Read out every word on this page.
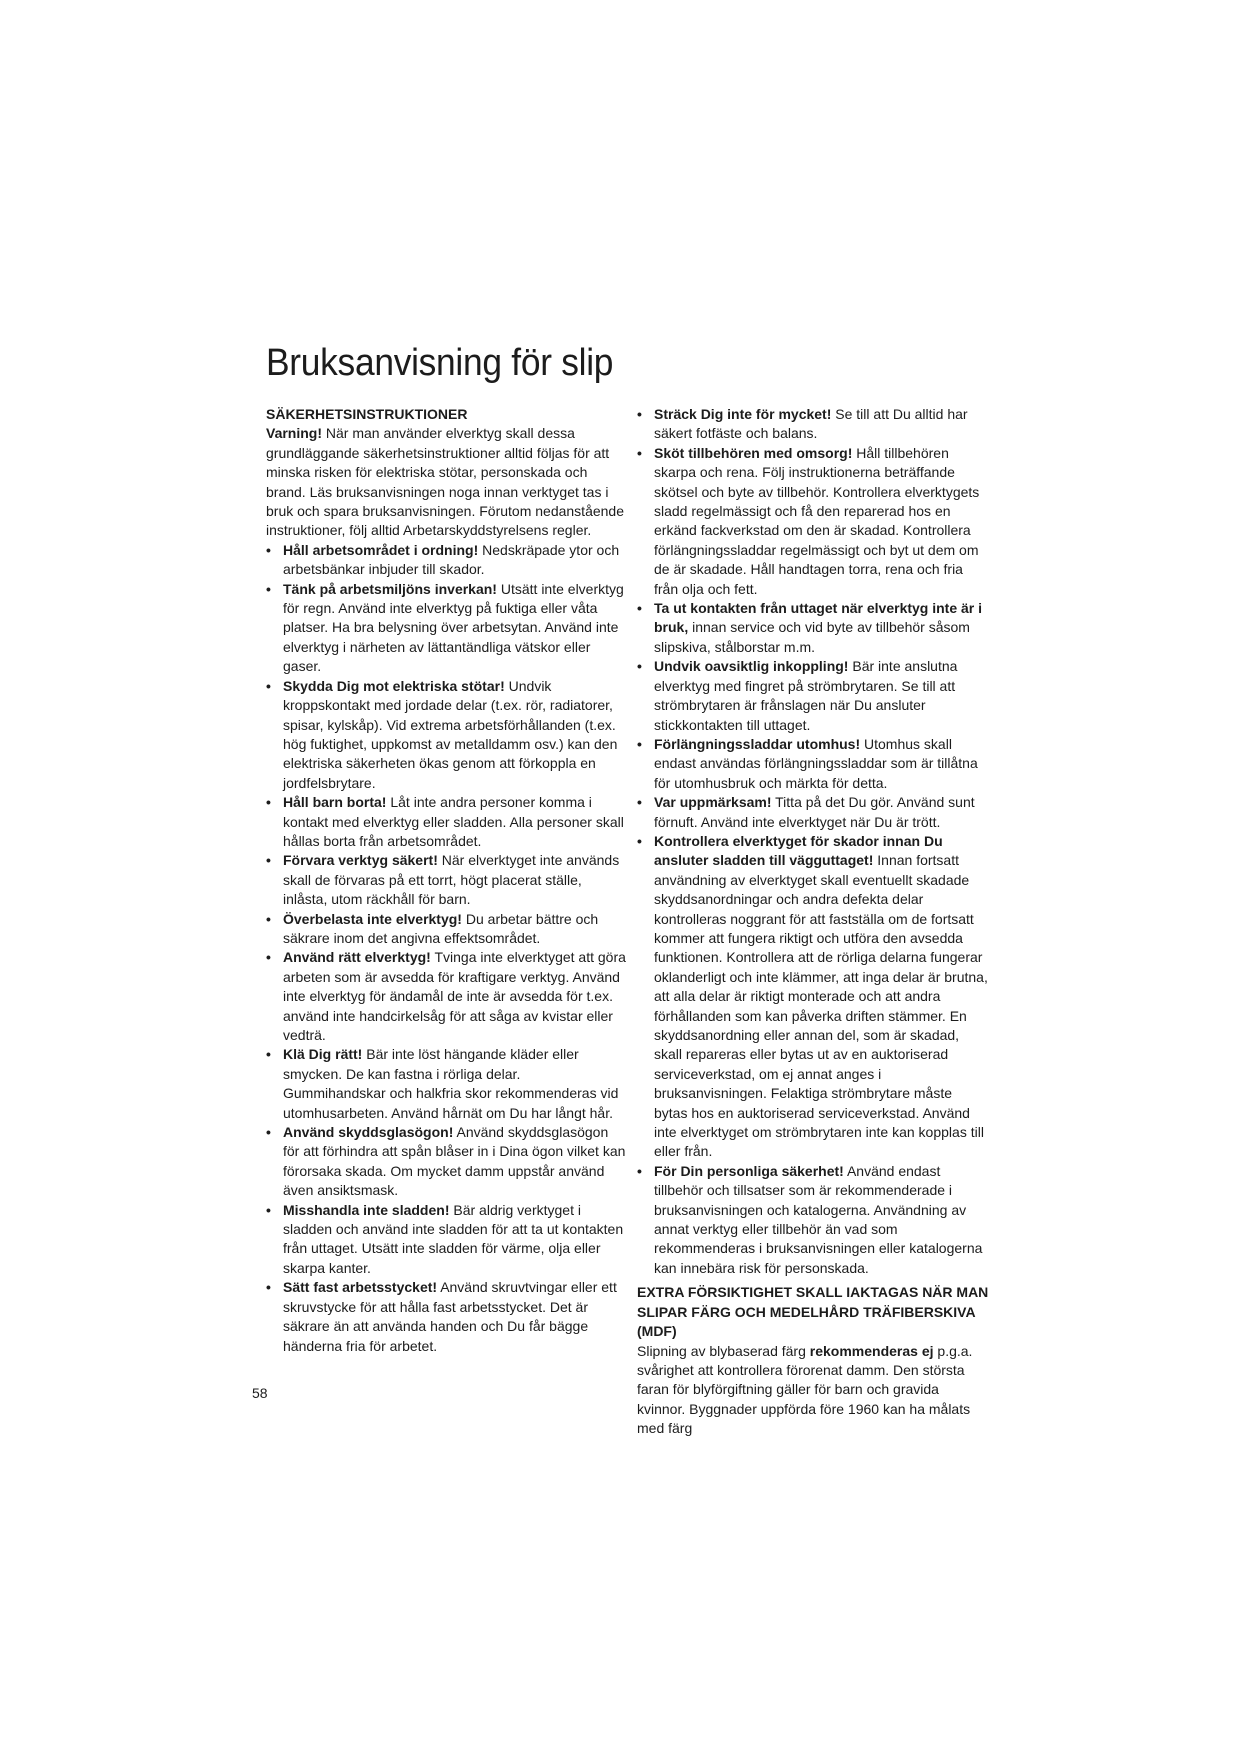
Bruksanvisning för slip

SÄKERHETSINSTRUKTIONER

Varning! När man använder elverktyg skall dessa grundläggande säkerhetsinstruktioner alltid följas för att minska risken för elektriska stötar, personskada och brand. Läs bruksanvisningen noga innan verktyget tas i bruk och spara bruksanvisningen. Förutom nedanstående instruktioner, följ alltid Arbetarskyddstyrelsens regler.

• Håll arbetsområdet i ordning! Nedskräpade ytor och arbetsbänkar inbjuder till skador.

• Tänk på arbetsmiljöns inverkan! Utsätt inte elverktyg för regn. Använd inte elverktyg på fuktiga eller våta platser. Ha bra belysning över arbetsytan. Använd inte elverktyg i närheten av lättantändliga vätskor eller gaser.

• Skydda Dig mot elektriska stötar! Undvik kroppskontakt med jordade delar (t.ex. rör, radiatorer, spisar, kylskåp). Vid extrema arbetsförhållanden (t.ex. hög fuktighet, uppkomst av metalldamm osv.) kan den elektriska säkerheten ökas genom att förkoppla en jordfelsbrytare.

• Håll barn borta! Låt inte andra personer komma i kontakt med elverktyg eller sladden. Alla personer skall hållas borta från arbetsområdet.

• Förvara verktyg säkert! När elverktyget inte används skall de förvaras på ett torrt, högt placerat ställe, inlåsta, utom räckhåll för barn.

• Överbelasta inte elverktyg! Du arbetar bättre och säkrare inom det angivna effektsområdet.

• Använd rätt elverktyg! Tvinga inte elverktyget att göra arbeten som är avsedda för kraftigare verktyg. Använd inte elverktyg för ändamål de inte är avsedda för t.ex. använd inte handcirkelsåg för att såga av kvistar eller vedträ.

• Klä Dig rätt! Bär inte löst hängande kläder eller smycken. De kan fastna i rörliga delar. Gummihandskar och halkfria skor rekommenderas vid utomhusarbeten. Använd hårnät om Du har långt hår.

• Använd skyddsglasögon! Använd skyddsglasögon för att förhindra att spån blåser in i Dina ögon vilket kan förorsaka skada. Om mycket damm uppstår använd även ansiktsmask.

• Misshandla inte sladden! Bär aldrig verktyget i sladden och använd inte sladden för att ta ut kontakten från uttaget. Utsätt inte sladden för värme, olja eller skarpa kanter.

• Sätt fast arbetsstycket! Använd skruvtvingar eller ett skruvstycke för att hålla fast arbetsstycket. Det är säkrare än att använda handen och Du får bägge händerna fria för arbetet.

• Sträck Dig inte för mycket! Se till att Du alltid har säkert fotfäste och balans.

• Sköt tillbehören med omsorg! Håll tillbehören skarpa och rena. Följ instruktionerna beträffande skötsel och byte av tillbehör. Kontrollera elverktygets sladd regelmässigt och få den reparerad hos en erkänd fackverkstad om den är skadad. Kontrollera förlängningssladdar regelmässigt och byt ut dem om de är skadade. Håll handtagen torra, rena och fria från olja och fett.

• Ta ut kontakten från uttaget när elverktyg inte är i bruk, innan service och vid byte av tillbehör såsom slipskiva, stålborstar m.m.

• Undvik oavsiktlig inkoppling! Bär inte anslutna elverktyg med fingret på strömbrytaren. Se till att strömbrytaren är frånslagen när Du ansluter stickkontakten till uttaget.

• Förlängningssladdar utomhus! Utomhus skall endast användas förlängningssladdar som är tillåtna för utomhusbruk och märkta för detta.

• Var uppmärksam! Titta på det Du gör. Använd sunt förnuft. Använd inte elverktyget när Du är trött.

• Kontrollera elverktyget för skador innan Du ansluter sladden till vägguttaget! Innan fortsatt användning av elverktyget skall eventuellt skadade skyddsanordningar och andra defekta delar kontrolleras noggrant för att fastställa om de fortsatt kommer att fungera riktigt och utföra den avsedda funktionen. Kontrollera att de rörliga delarna fungerar oklanderligt och inte klämmer, att inga delar är brutna, att alla delar är riktigt monterade och att andra förhållanden som kan påverka driften stämmer. En skyddsanordning eller annan del, som är skadad, skall repareras eller bytas ut av en auktoriserad serviceverkstad, om ej annat anges i bruksanvisningen. Felaktiga strömbrytare måste bytas hos en auktoriserad serviceverkstad. Använd inte elverktyget om strömbrytaren inte kan kopplas till eller från.

• För Din personliga säkerhet! Använd endast tillbehör och tillsatser som är rekommenderade i bruksanvisningen och katalogerna. Användning av annat verktyg eller tillbehör än vad som rekommenderas i bruksanvisningen eller katalogerna kan innebära risk för personskada.

EXTRA FÖRSIKTIGHET SKALL IAKTAGAS NÄR MAN SLIPAR FÄRG OCH MEDELHÅRD TRÄFIBERSKIVA (MDF)

Slipning av blybaserad färg rekommenderas ej p.g.a. svårighet att kontrollera förorenat damm. Den största faran för blyförgiftning gäller för barn och gravida kvinnor. Byggnader uppförda före 1960 kan ha målats med färg

58
